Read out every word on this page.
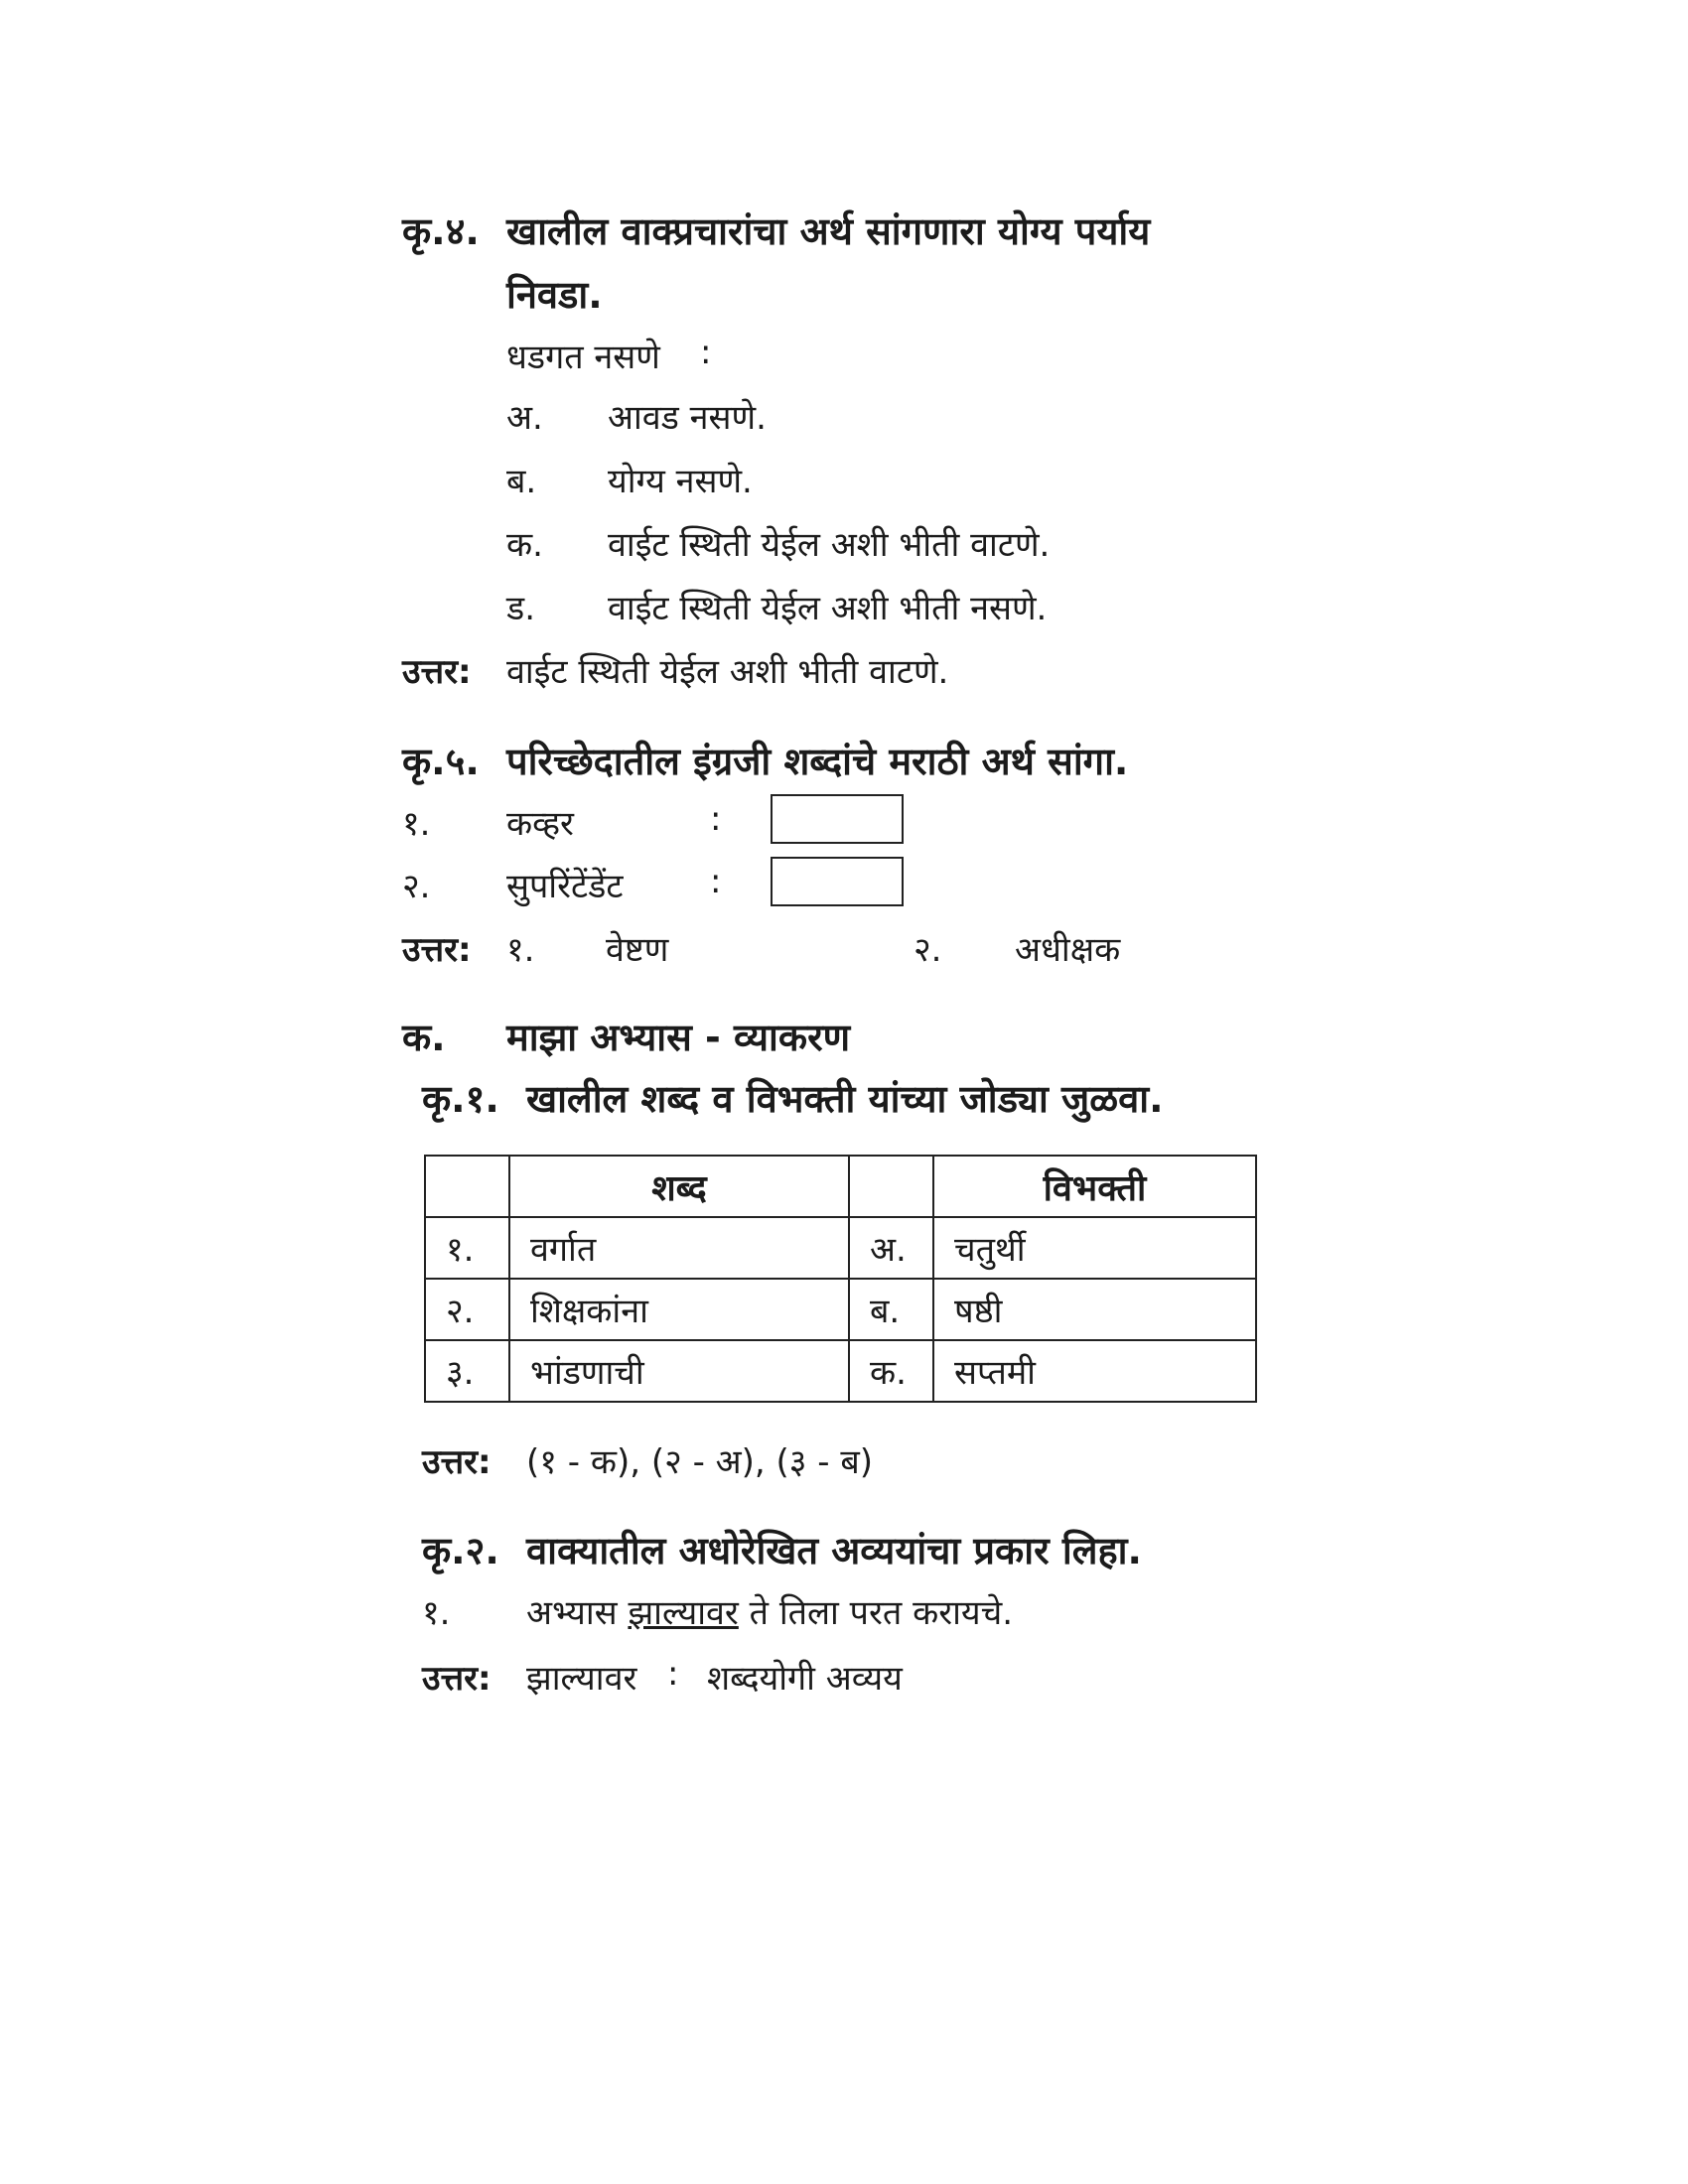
कृ.४. खालील वाक्प्रचारांचा अर्थ सांगणारा योग्य पर्याय
निवडा.
धडगत नसणे :
अ. आवड नसणे.
ब. योग्य नसणे.
क. वाईट स्थिती येईल अशी भीती वाटणे.
ड. वाईट स्थिती येईल अशी भीती नसणे.
उत्तर: वाईट स्थिती येईल अशी भीती वाटणे.
कृ.५. परिच्छेदातील इंग्रजी शब्दांचे मराठी अर्थ सांगा.
१. कव्हर	:
२. सुपरिंटेंडेंट	:
उत्तर: १. वेष्टण	२. अधीक्षक
क. माझा अभ्यास - व्याकरण
कृ.१. खालील शब्द व विभक्ती यांच्या जोड्या जुळवा.
	शब्द		विभक्ती
१.	वर्गात	अ.	चतुर्थी
२.	शिक्षकांना	ब.	षष्ठी
३.	भांडणाची	क.	सप्तमी
उत्तर: (१ - क), (२ - अ), (३ - ब)
कृ.२. वाक्यातील अधोरेखित अव्ययांचा प्रकार लिहा.
१. अभ्यास झाल्यावर ते तिला परत करायचे.
उत्तर: झाल्यावर : शब्दयोगी अव्यय
